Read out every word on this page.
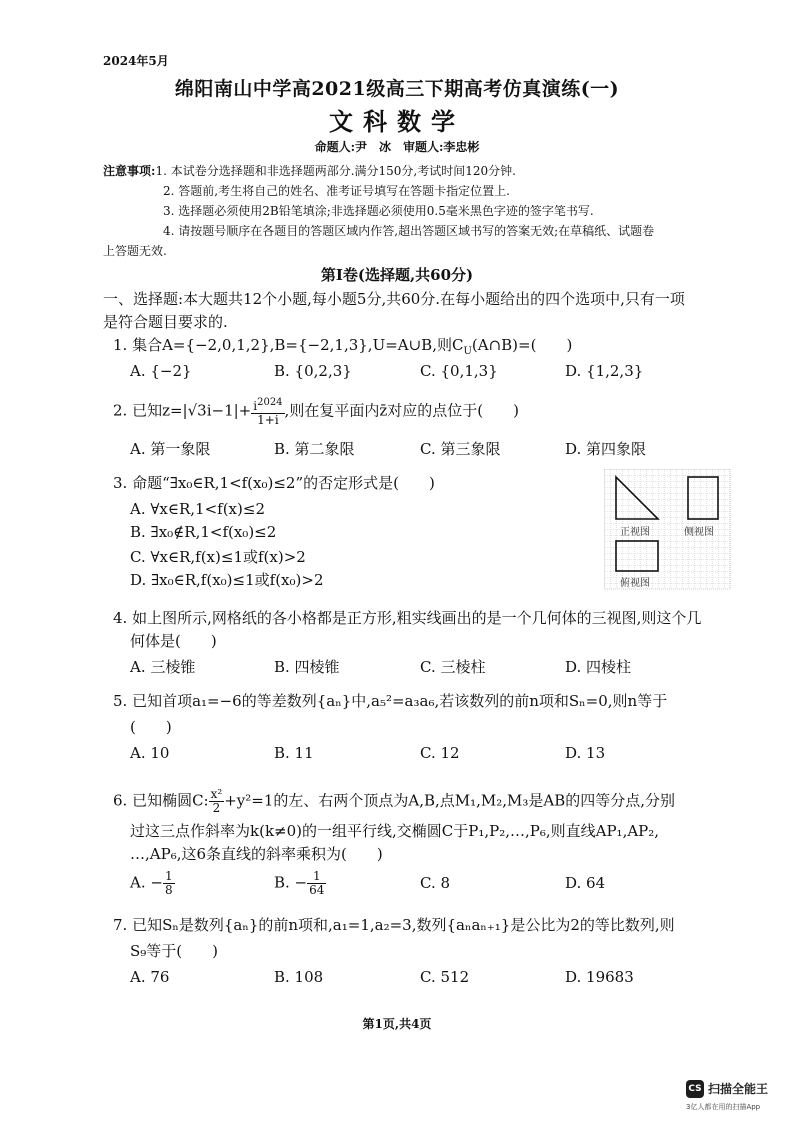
2024年5月
绵阳南山中学高2021级高三下期高考仿真演练(一)
文科数学
命题人:尹　冰　审题人:李忠彬
注意事项:1. 本试卷分选择题和非选择题两部分.满分150分,考试时间120分钟.
2. 答题前,考生将自己的姓名、准考证号填写在答题卡指定位置上.
3. 选择题必须使用2B铅笔填涂;非选择题必须使用0.5毫米黑色字迹的签字笔书写.
4. 请按题号顺序在各题目的答题区域内作答,超出答题区域书写的答案无效;在草稿纸、试题卷
上答题无效.
第Ⅰ卷(选择题,共60分)
一、选择题:本大题共12个小题,每小题5分,共60分.在每小题给出的四个选项中,只有一项
是符合题目要求的.
1. 集合A={−2,0,1,2},B={−2,1,3},U=A∪B,则$C_U(A\cap B)=$(　　)
A. {−2}	B. {0,2,3}	C. {0,1,3}	D. {1,2,3}
2. 已知$z=|√3i-1|+ \frac{i^{2024}}{1+i}$ ,则在复平面内z̄对应的点位于(　　)
A. 第一象限	B. 第二象限	C. 第三象限	D. 第四象限
3. 命题“∃x₀∈R,1<f(x₀)≤2”的否定形式是(　　)
A. ∀x∈R,1<f(x)≤2
B. ∃x₀∉R,1<f(x₀)≤2
C. ∀x∈R,f(x)≤1或f(x)>2
D. ∃x₀∈R,f(x₀)≤1或f(x₀)>2
正视图	侧视图
俯视图
4. 如上图所示,网格纸的各小格都是正方形,粗实线画出的是一个几何体的三视图,则这个几
何体是(　　)
A. 三棱锥	B. 四棱锥	C. 三棱柱	D. 四棱柱
5. 已知首项a₁=−6的等差数列{aₙ}中,a₅²=a₃a₆,若该数列的前n项和Sₙ=0,则n等于
(　　)
A. 10	B. 11	C. 12	D. 13
6. 已知椭圆C: $\frac{\text{x²}}{2} +y^2=1$的左、右两个顶点为A,B,点M₁,M₂,M₃是AB的四等分点,分别
过这三点作斜率为k(k≠0)的一组平行线,交椭圆C于P₁,P₂,…,P₆,则直线AP₁,AP₂,
…,AP₆,这6条直线的斜率乘积为(　　)
A. − $\frac{1}{8}$	B. − $\frac{1}{64}$	C. 8	D. 64
7. 已知Sₙ是数列{aₙ}的前n项和,a₁=1,a₂=3,数列{aₙaₙ₊₁}是公比为2的等比数列,则
S₉等于(　　)
A. 76	B. 108	C. 512	D. 19683
第1页,共4页
CS 扫描全能王
3亿人都在用的扫描App
